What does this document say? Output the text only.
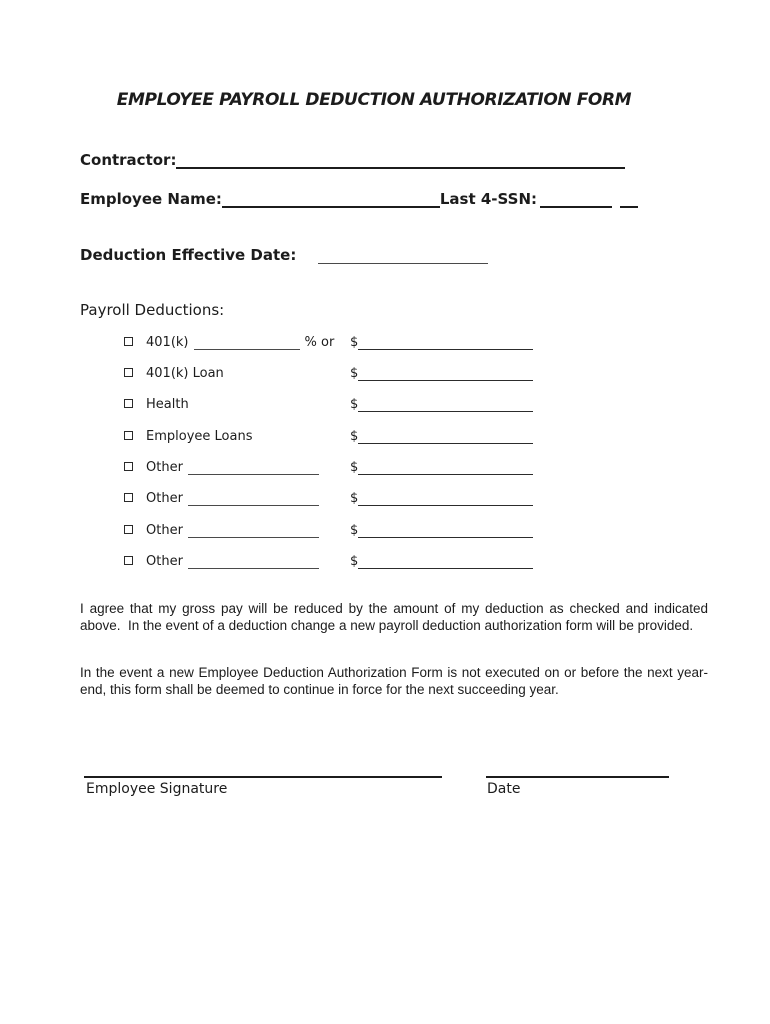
EMPLOYEE PAYROLL DEDUCTION AUTHORIZATION FORM
Contractor:
Employee Name:	Last 4-SSN:
Deduction Effective Date:
Payroll Deductions:
401(k)	% or $
401(k) Loan	$
Health	$
Employee Loans	$
Other	$
Other	$
Other	$
Other	$
I agree that my gross pay will be reduced by the amount of my deduction as checked and indicated above.  In the event of a deduction change a new payroll deduction authorization form will be provided.
In the event a new Employee Deduction Authorization Form is not executed on or before the next year-end, this form shall be deemed to continue in force for the next succeeding year.
Employee Signature	Date
